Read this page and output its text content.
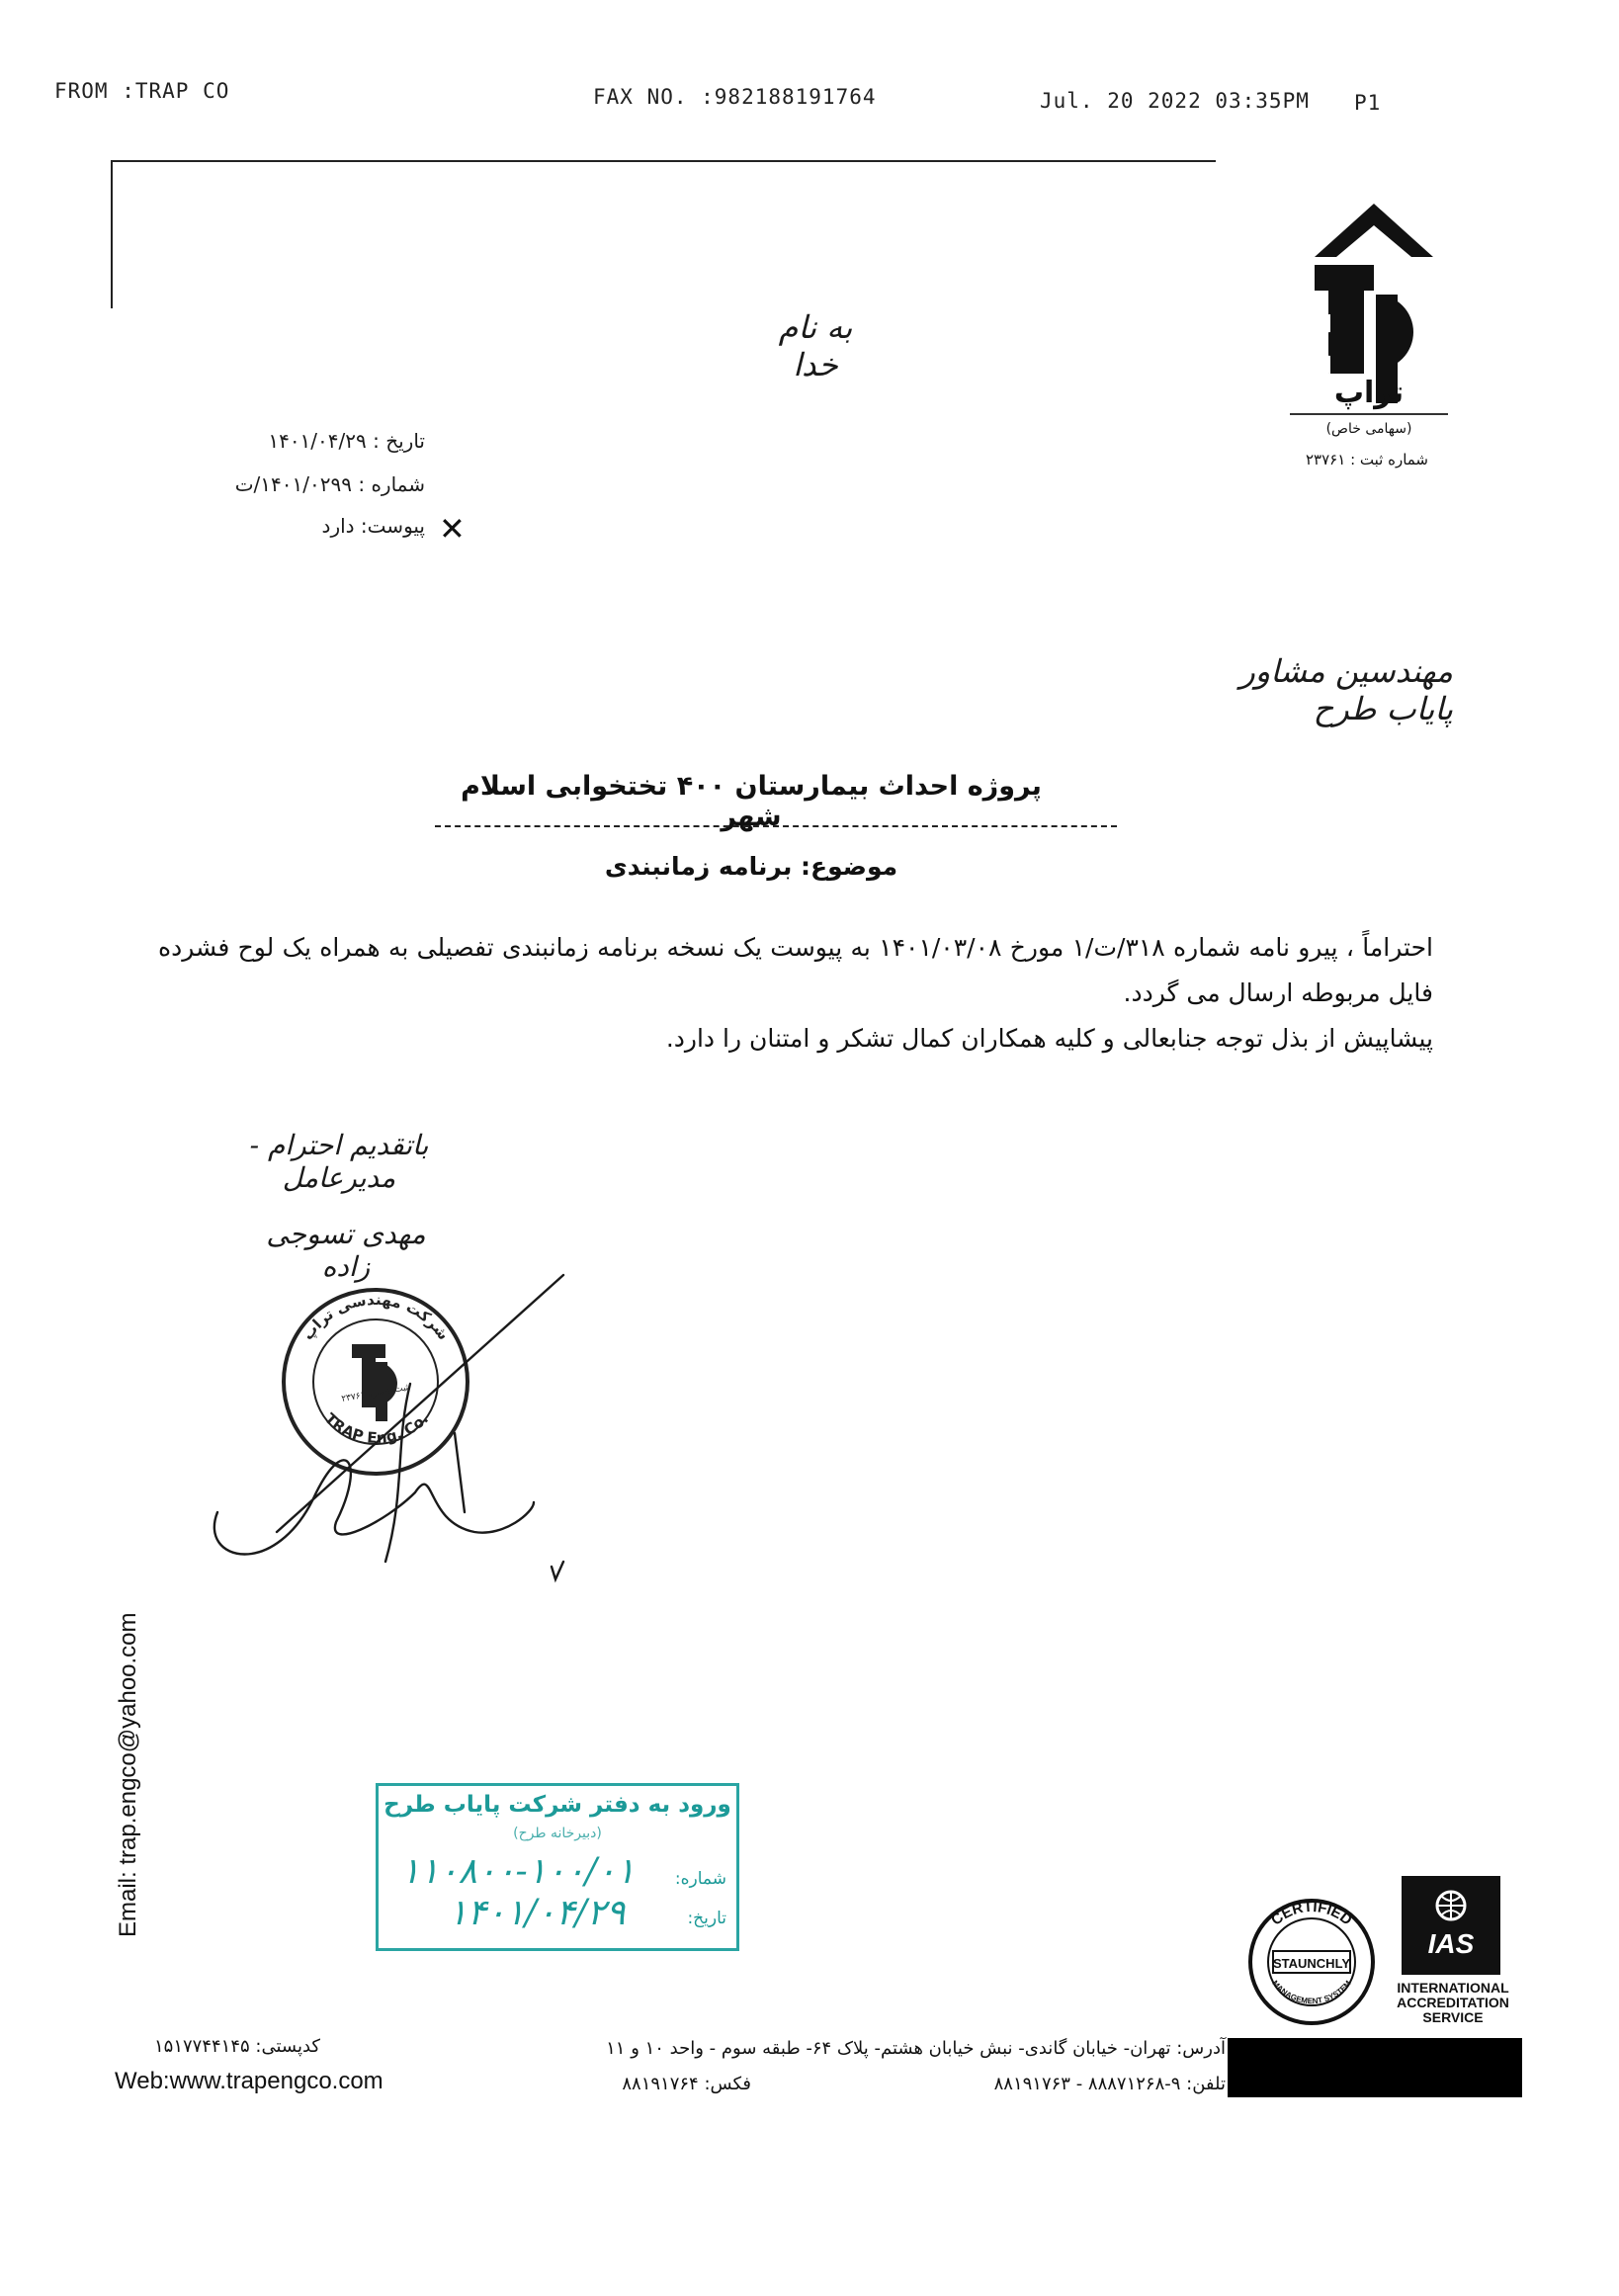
FROM :TRAP CO	FAX NO. :982188191764	Jul. 20 2022 03:35PM P1
تراپ
(سهامی خاص)
شماره ثبت : ۲۳۷۶۱
به نام خدا
تاریخ : ۱۴۰۱/۰۴/۲۹
شماره : ۱۴۰۱/۰۲۹۹/ت
پیوست: دارد ✕
مهندسین مشاور پایاب طرح
پروژه احداث بیمارستان ۴۰۰ تختخوابی اسلام شهر
موضوع: برنامه زمانبندی
احتراماً ، پیرو نامه شماره ۳۱۸/ت/۱ مورخ ۱۴۰۱/۰۳/۰۸ به پیوست یک نسخه برنامه زمانبندی تفصیلی به همراه یک لوح فشرده فایل مربوطه ارسال می گردد.
پیشاپیش از بذل توجه جنابعالی و کلیه همکاران کمال تشکر و امتنان را دارد.
باتقدیم احترام - مدیرعامل
مهدی تسوجی زاده
شرکت مهندسی تراپ
TRAP Eng. Co.
۲۳۷۶۱ ثبت شماره
Email: trap.engco@yahoo.com	ورود به دفتر شرکت پایاب طرح
(دبیرخانه طرح)
شماره:
۱۱۰۸۰۰-۱۰۰/۰۱
تاریخ:
۱۴۰۱/۰۴/۲۹	CERTIFIED
MANAGEMENT SYSTEM
STAUNCHLY
IAS
INTERNATIONAL
ACCREDITATION
SERVICE
کدپستی: ۱۵۱۷۷۴۴۱۴۵
Web:www.trapengco.com
آدرس: تهران- خیابان گاندی- نبش خیابان هشتم- پلاک ۶۴- طبقه سوم - واحد ۱۰ و ۱۱
تلفن: ۹-۸۸۸۷۱۲۶۸ - ۸۸۱۹۱۷۶۳
فکس: ۸۸۱۹۱۷۶۴
